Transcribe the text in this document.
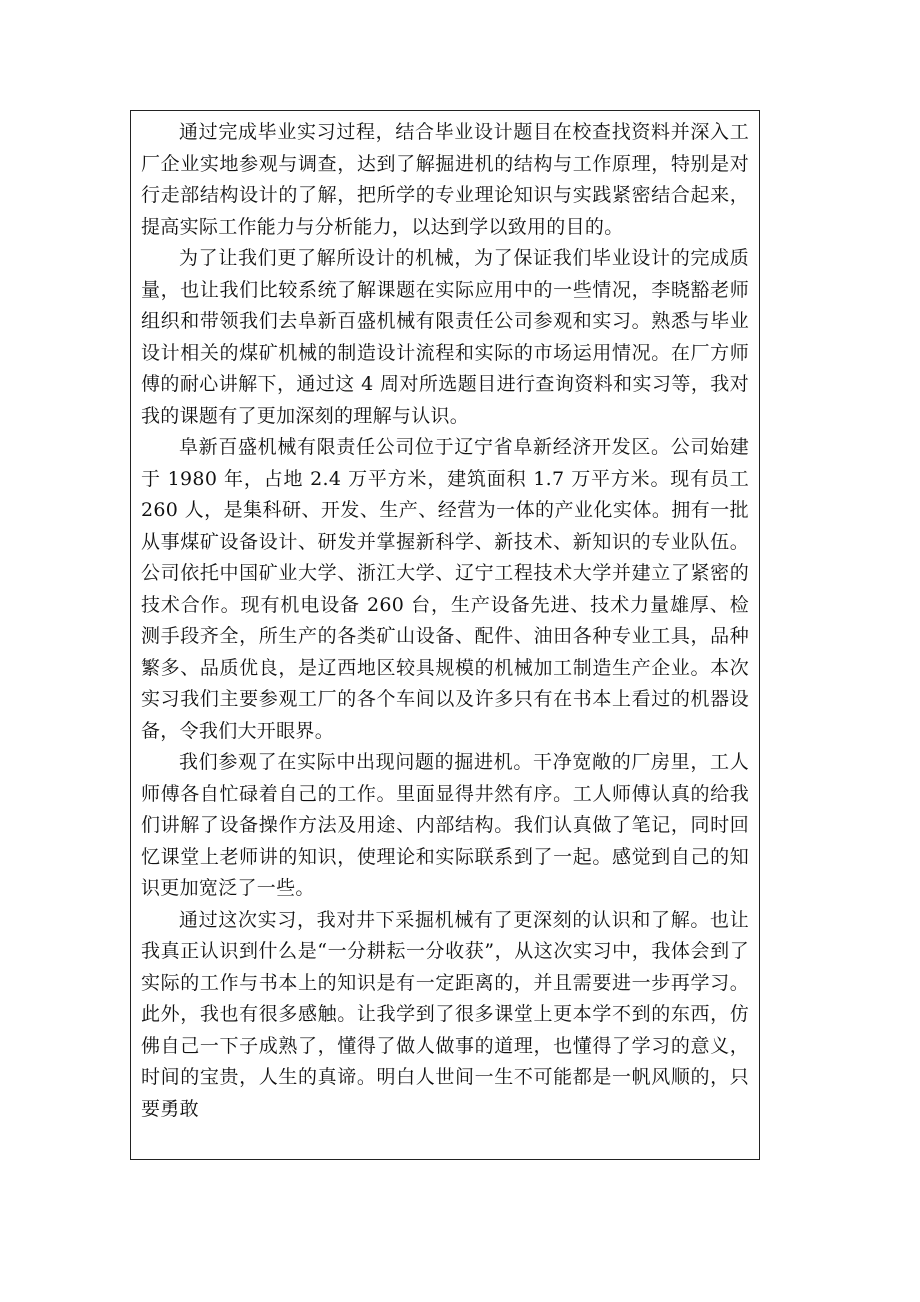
通过完成毕业实习过程，结合毕业设计题目在校查找资料并深入工厂企业实地参观与调查，达到了解掘进机的结构与工作原理，特别是对行走部结构设计的了解，把所学的专业理论知识与实践紧密结合起来，提高实际工作能力与分析能力，以达到学以致用的目的。

为了让我们更了解所设计的机械，为了保证我们毕业设计的完成质量，也让我们比较系统了解课题在实际应用中的一些情况，李晓豁老师组织和带领我们去阜新百盛机械有限责任公司参观和实习。熟悉与毕业设计相关的煤矿机械的制造设计流程和实际的市场运用情况。在厂方师傅的耐心讲解下，通过这 4 周对所选题目进行查询资料和实习等，我对我的课题有了更加深刻的理解与认识。

阜新百盛机械有限责任公司位于辽宁省阜新经济开发区。公司始建于 1980 年，占地 2.4 万平方米，建筑面积 1.7 万平方米。现有员工 260 人，是集科研、开发、生产、经营为一体的产业化实体。拥有一批从事煤矿设备设计、研发并掌握新科学、新技术、新知识的专业队伍。公司依托中国矿业大学、浙江大学、辽宁工程技术大学并建立了紧密的技术合作。现有机电设备 260 台，生产设备先进、技术力量雄厚、检测手段齐全，所生产的各类矿山设备、配件、油田各种专业工具，品种繁多、品质优良，是辽西地区较具规模的机械加工制造生产企业。本次实习我们主要参观工厂的各个车间以及许多只有在书本上看过的机器设备，令我们大开眼界。

我们参观了在实际中出现问题的掘进机。干净宽敞的厂房里，工人师傅各自忙碌着自己的工作。里面显得井然有序。工人师傅认真的给我们讲解了设备操作方法及用途、内部结构。我们认真做了笔记，同时回忆课堂上老师讲的知识，使理论和实际联系到了一起。感觉到自己的知识更加宽泛了一些。

通过这次实习，我对井下采掘机械有了更深刻的认识和了解。也让我真正认识到什么是“一分耕耘一分收获”，从这次实习中，我体会到了实际的工作与书本上的知识是有一定距离的，并且需要进一步再学习。此外，我也有很多感触。让我学到了很多课堂上更本学不到的东西，仿佛自己一下子成熟了，懂得了做人做事的道理，也懂得了学习的意义，时间的宝贵，人生的真谛。明白人世间一生不可能都是一帆风顺的，只要勇敢
